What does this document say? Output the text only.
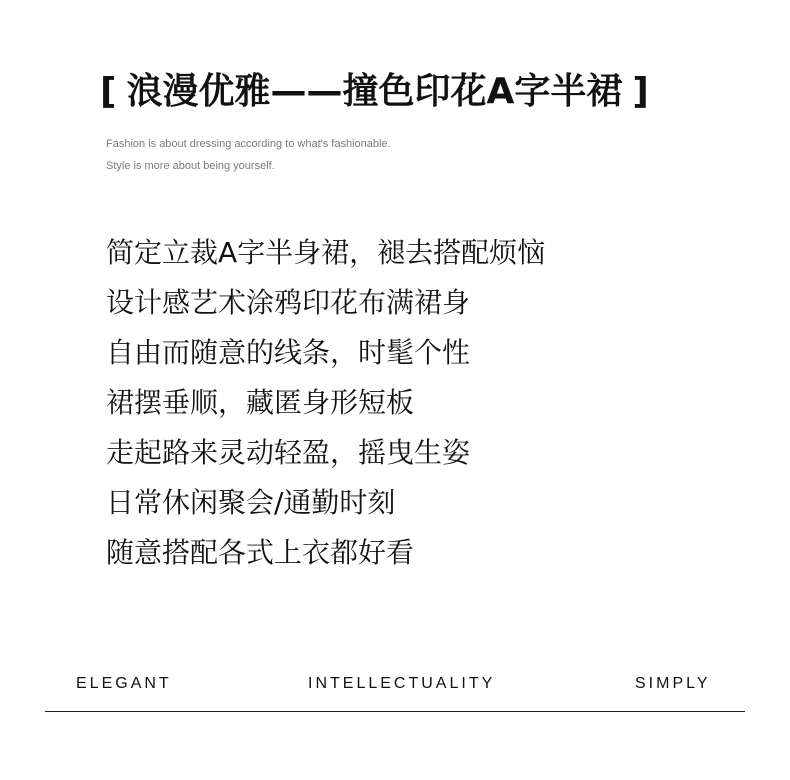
[ 浪漫优雅——撞色印花A字半裙 ]
Fashion is about dressing according to what's fashionable.
Style is more about being yourself.
简定立裁A字半身裙，褪去搭配烦恼
设计感艺术涂鸦印花布满裙身
自由而随意的线条，时髦个性
裙摆垂顺，藏匿身形短板
走起路来灵动轻盈，摇曳生姿
日常休闲聚会/通勤时刻
随意搭配各式上衣都好看
ELEGANT	INTELLECTUALITY	SIMPLY
